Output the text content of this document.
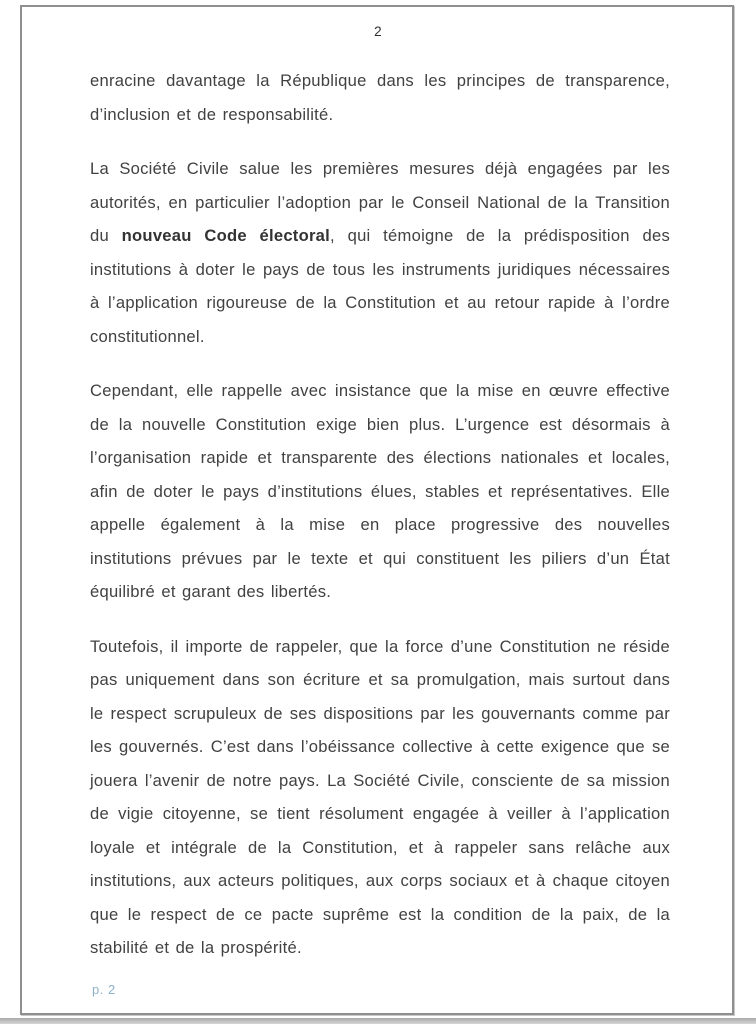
2

enracine davantage la République dans les principes de transparence, d’inclusion et de responsabilité.

La Société Civile salue les premières mesures déjà engagées par les autorités, en particulier l’adoption par le Conseil National de la Transition du nouveau Code électoral, qui témoigne de la prédisposition des institutions à doter le pays de tous les instruments juridiques nécessaires à l’application rigoureuse de la Constitution et au retour rapide à l’ordre constitutionnel.

Cependant, elle rappelle avec insistance que la mise en œuvre effective de la nouvelle Constitution exige bien plus. L’urgence est désormais à l’organisation rapide et transparente des élections nationales et locales, afin de doter le pays d’institutions élues, stables et représentatives. Elle appelle également à la mise en place progressive des nouvelles institutions prévues par le texte et qui constituent les piliers d’un État équilibré et garant des libertés.

Toutefois, il importe de rappeler, que la force d’une Constitution ne réside pas uniquement dans son écriture et sa promulgation, mais surtout dans le respect scrupuleux de ses dispositions par les gouvernants comme par les gouvernés. C’est dans l’obéissance collective à cette exigence que se jouera l’avenir de notre pays. La Société Civile, consciente de sa mission de vigie citoyenne, se tient résolument engagée à veiller à l’application loyale et intégrale de la Constitution, et à rappeler sans relâche aux institutions, aux acteurs politiques, aux corps sociaux et à chaque citoyen que le respect de ce pacte suprême est la condition de la paix, de la stabilité et de la prospérité.

p. 2
